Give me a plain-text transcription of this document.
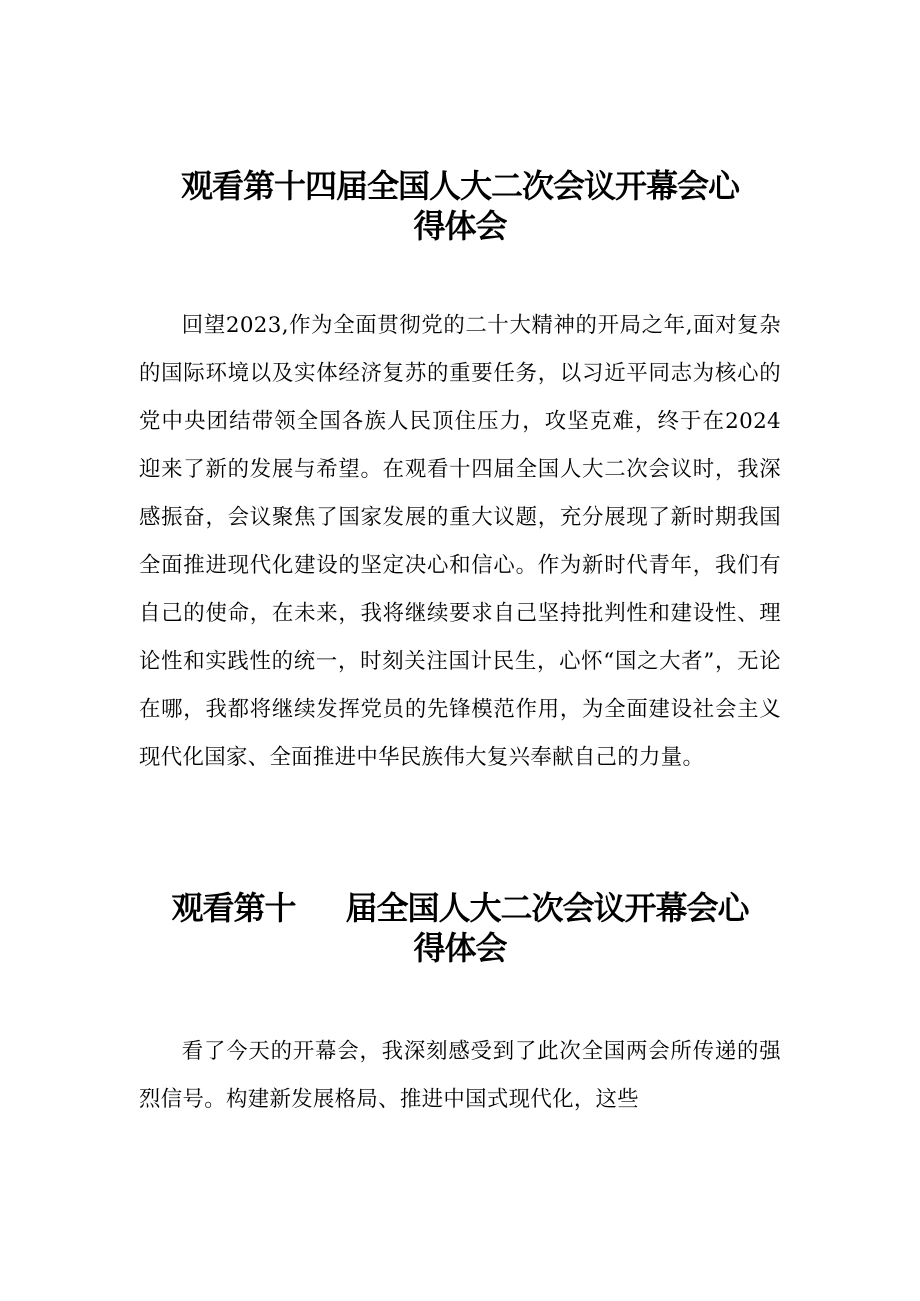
观看第十四届全国人大二次会议开幕会心
得体会

回望2023,作为全面贯彻党的二十大精神的开局之年,面对复杂的国际环境以及实体经济复苏的重要任务，以习近平同志为核心的党中央团结带领全国各族人民顶住压力，攻坚克难，终于在2024迎来了新的发展与希望。在观看十四届全国人大二次会议时，我深感振奋，会议聚焦了国家发展的重大议题，充分展现了新时期我国全面推进现代化建设的坚定决心和信心。作为新时代青年，我们有自己的使命，在未来，我将继续要求自己坚持批判性和建设性、理论性和实践性的统一，时刻关注国计民生，心怀“国之大者”，无论在哪，我都将继续发挥党员的先锋模范作用，为全面建设社会主义现代化国家、全面推进中华民族伟大复兴奉献自己的力量。

观看第十 届全国人大二次会议开幕会心
得体会

看了今天的开幕会，我深刻感受到了此次全国两会所传递的强烈信号。构建新发展格局、推进中国式现代化，这些
